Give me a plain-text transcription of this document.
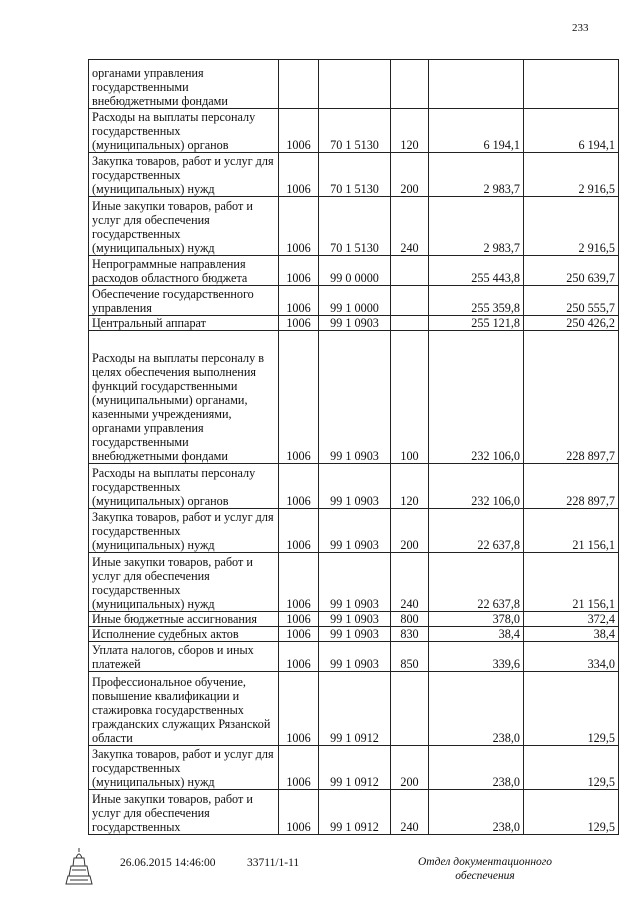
233
органами управления государственными внебюджетными фондами					
Расходы на выплаты персоналу государственных (муниципальных) органов	1006	70 1 5130	120	6 194,1	6 194,1
Закупка товаров, работ и услуг для государственных (муниципальных) нужд	1006	70 1 5130	200	2 983,7	2 916,5
Иные закупки товаров, работ и услуг для обеспечения государственных (муниципальных) нужд	1006	70 1 5130	240	2 983,7	2 916,5
Непрограммные направления расходов областного бюджета	1006	99 0 0000		255 443,8	250 639,7
Обеспечение государственного управления	1006	99 1 0000		255 359,8	250 555,7
Центральный аппарат	1006	99 1 0903		255 121,8	250 426,2
Расходы на выплаты персоналу в целях обеспечения выполнения функций государственными (муниципальными) органами, казенными учреждениями, органами управления государственными внебюджетными фондами	1006	99 1 0903	100	232 106,0	228 897,7
Расходы на выплаты персоналу государственных (муниципальных) органов	1006	99 1 0903	120	232 106,0	228 897,7
Закупка товаров, работ и услуг для государственных (муниципальных) нужд	1006	99 1 0903	200	22 637,8	21 156,1
Иные закупки товаров, работ и услуг для обеспечения государственных (муниципальных) нужд	1006	99 1 0903	240	22 637,8	21 156,1
Иные бюджетные ассигнования	1006	99 1 0903	800	378,0	372,4
Исполнение судебных актов	1006	99 1 0903	830	38,4	38,4
Уплата налогов, сборов и иных платежей	1006	99 1 0903	850	339,6	334,0
Профессиональное обучение, повышение квалификации и стажировка государственных гражданских служащих Рязанской области	1006	99 1 0912		238,0	129,5
Закупка товаров, работ и услуг для государственных (муниципальных) нужд	1006	99 1 0912	200	238,0	129,5
Иные закупки товаров, работ и услуг для обеспечения государственных	1006	99 1 0912	240	238,0	129,5
26.06.2015 14:46:00	33711/1-11	Отдел документационного обеспечения
